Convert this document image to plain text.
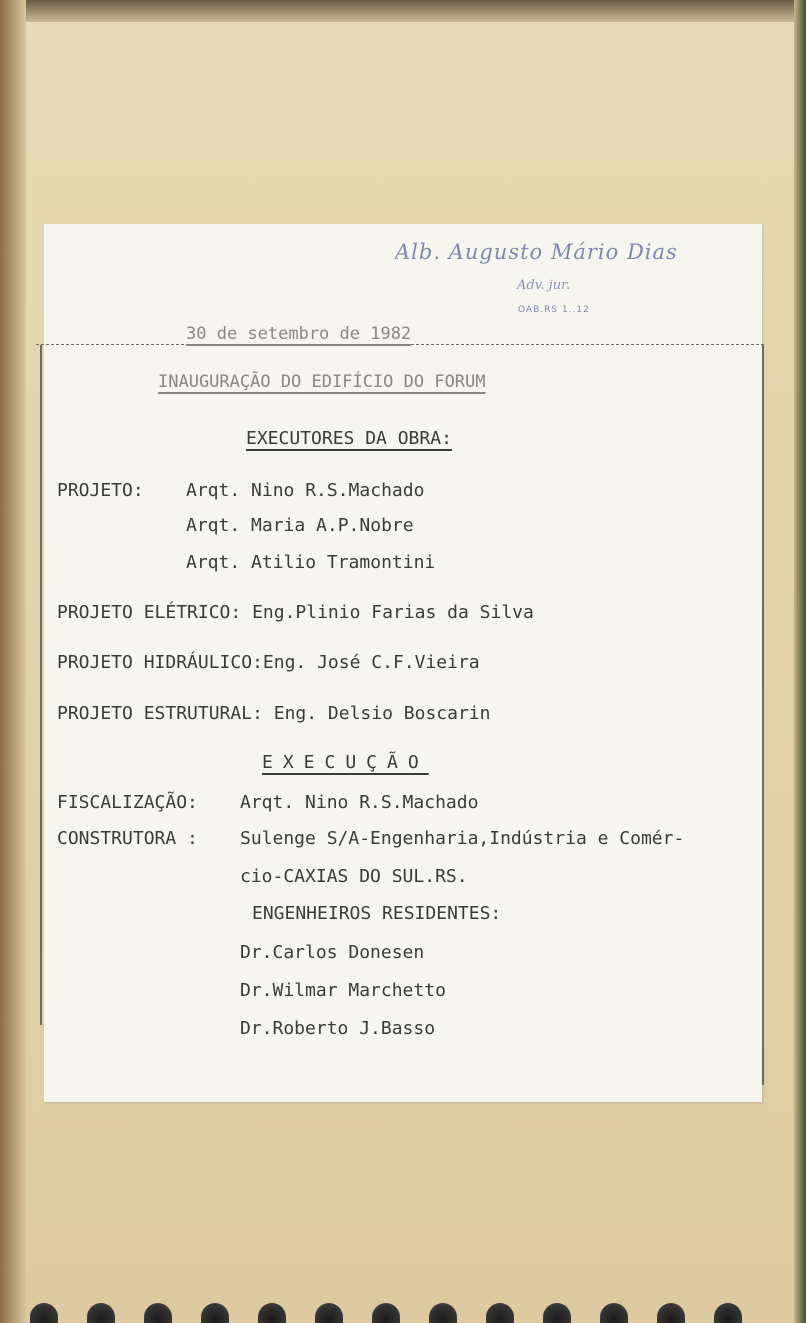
Alb. Augusto Mário Dias
Adv. jur.
OAB.RS 1..12
30 de setembro de 1982
INAUGURAÇÃO DO EDIFÍCIO DO FORUM
EXECUTORES DA OBRA:
PROJETO: Arqt. Nino R.S.Machado
Arqt. Maria A.P.Nobre
Arqt. Atilio Tramontini
PROJETO ELÉTRICO: Eng.Plinio Farias da Silva
PROJETO HIDRÁULICO:Eng. José C.F.Vieira
PROJETO ESTRUTURAL: Eng. Delsio Boscarin
EXECUÇÃO
FISCALIZAÇÃO: Arqt. Nino R.S.Machado
CONSTRUTORA : Sulenge S/A-Engenharia,Indústria e Comér-
cio-CAXIAS DO SUL.RS.
ENGENHEIROS RESIDENTES:
Dr.Carlos Donesen
Dr.Wilmar Marchetto
Dr.Roberto J.Basso
